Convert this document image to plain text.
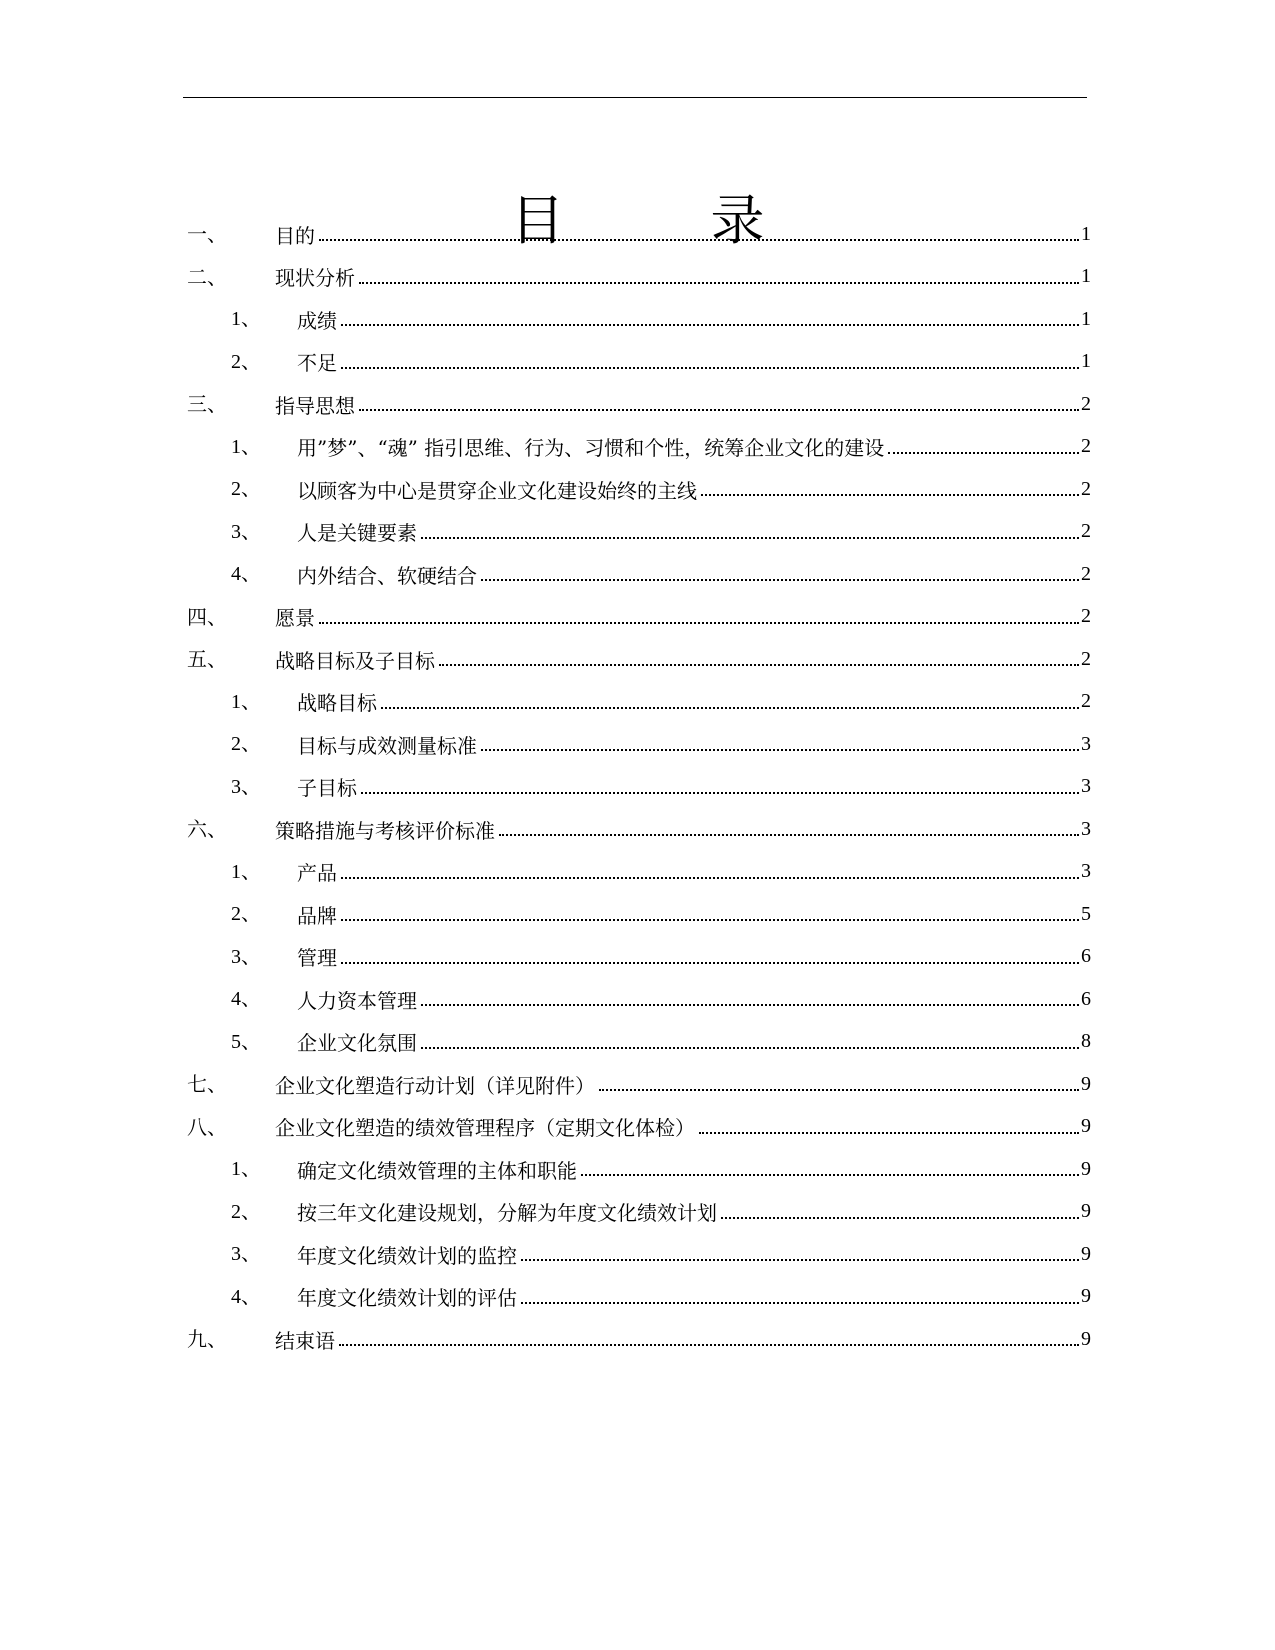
目　录
一、 目的	1
二、 现状分析	1
1、 成绩	1
2、 不足	1
三、 指导思想	2
1、 用”梦”、“魂” 指引思维、行为、习惯和个性，统筹企业文化的建设	2
2、 以顾客为中心是贯穿企业文化建设始终的主线	2
3、 人是关键要素	2
4、 内外结合、软硬结合	2
四、 愿景	2
五、 战略目标及子目标	2
1、 战略目标	2
2、 目标与成效测量标准	3
3、 子目标	3
六、 策略措施与考核评价标准	3
1、 产品	3
2、 品牌	5
3、 管理	6
4、 人力资本管理	6
5、 企业文化氛围	8
七、 企业文化塑造行动计划（详见附件）	9
八、 企业文化塑造的绩效管理程序（定期文化体检）	9
1、 确定文化绩效管理的主体和职能	9
2、 按三年文化建设规划，分解为年度文化绩效计划	9
3、 年度文化绩效计划的监控	9
4、 年度文化绩效计划的评估	9
九、 结束语	9
